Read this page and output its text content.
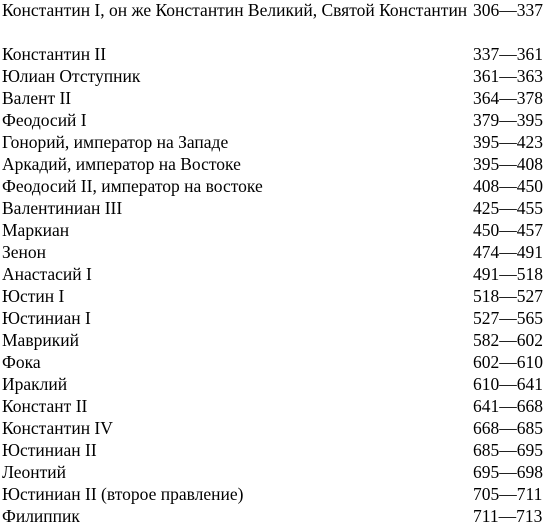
Константин I, он же Константин Великий, Святой Константин 306—337
Константин II	337—361
Юлиан Отступник	361—363
Валент II	364—378
Феодосий I	379—395
Гонорий, император на Западе	395—423
Аркадий, император на Востоке	395—408
Феодосий II, император на востоке	408—450
Валентиниан III	425—455
Маркиан	450—457
Зенон	474—491
Анастасий I	491—518
Юстин I	518—527
Юстиниан I	527—565
Маврикий	582—602
Фока	602—610
Ираклий	610—641
Констант II	641—668
Константин IV	668—685
Юстиниан II	685—695
Леонтий	695—698
Юстиниан II (второе правление)	705—711
Филиппик	711—713
